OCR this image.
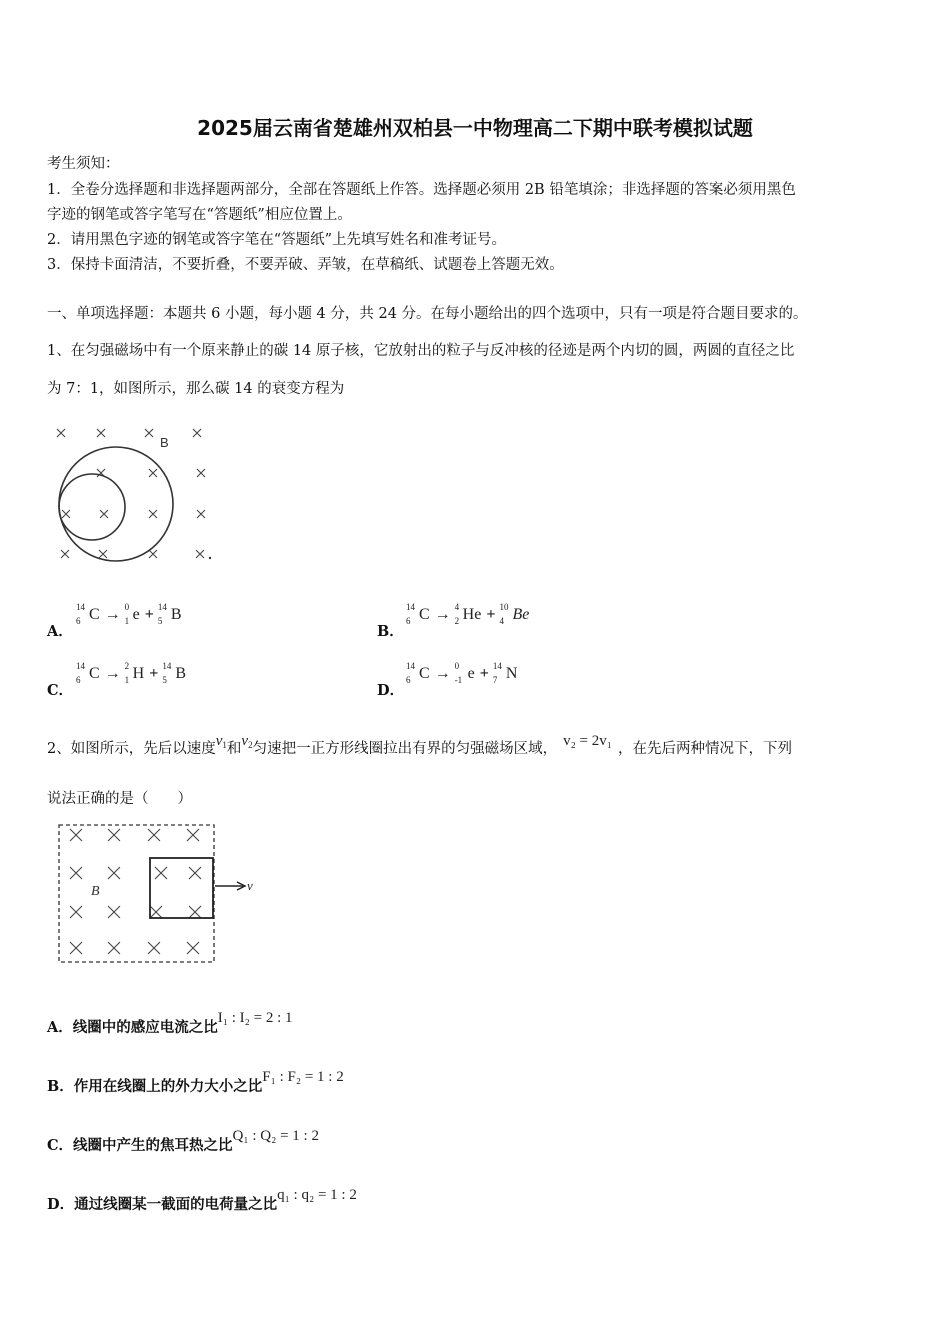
2025届云南省楚雄州双柏县一中物理高二下期中联考模拟试题
考生须知：
1．全卷分选择题和非选择题两部分，全部在答题纸上作答。选择题必须用 2B 铅笔填涂；非选择题的答案必须用黑色
字迹的钢笔或答字笔写在“答题纸”相应位置上。
2．请用黑色字迹的钢笔或答字笔在“答题纸”上先填写姓名和准考证号。
3．保持卡面清洁，不要折叠，不要弄破、弄皱，在草稿纸、试题卷上答题无效。
一、单项选择题：本题共 6 小题，每小题 4 分，共 24 分。在每小题给出的四个选项中，只有一项是符合题目要求的。
1、在匀强磁场中有一个原来静止的碳 14 原子核，它放射出的粒子与反冲核的径迹是两个内切的圆，两圆的直径之比
为 7：1，如图所示，那么碳 14 的衰变方程为
B
A．
14
6 C → 0
1 e + 14
5 B
B．
14
6 C → 4
2 He + 10
4 Be
C．
14
6 C → 2
1 H + 14
5 B
D．
14
6 C → 0
-1 e + 14
7 N
2、如图所示，先后以速度$v_1$和$v_2$匀速把一正方形线圈拉出有界的匀强磁场区域， v₂ = 2v₁ ，在先后两种情况下，下列
说法正确的是（　　）
v
B
A．线圈中的感应电流之比I₁ : I₂ = 2 : 1
B．作用在线圈上的外力大小之比F₁ : F₂ = 1 : 2
C．线圈中产生的焦耳热之比Q₁ : Q₂ = 1 : 2
D．通过线圈某一截面的电荷量之比q₁ : q₂ = 1 : 2
